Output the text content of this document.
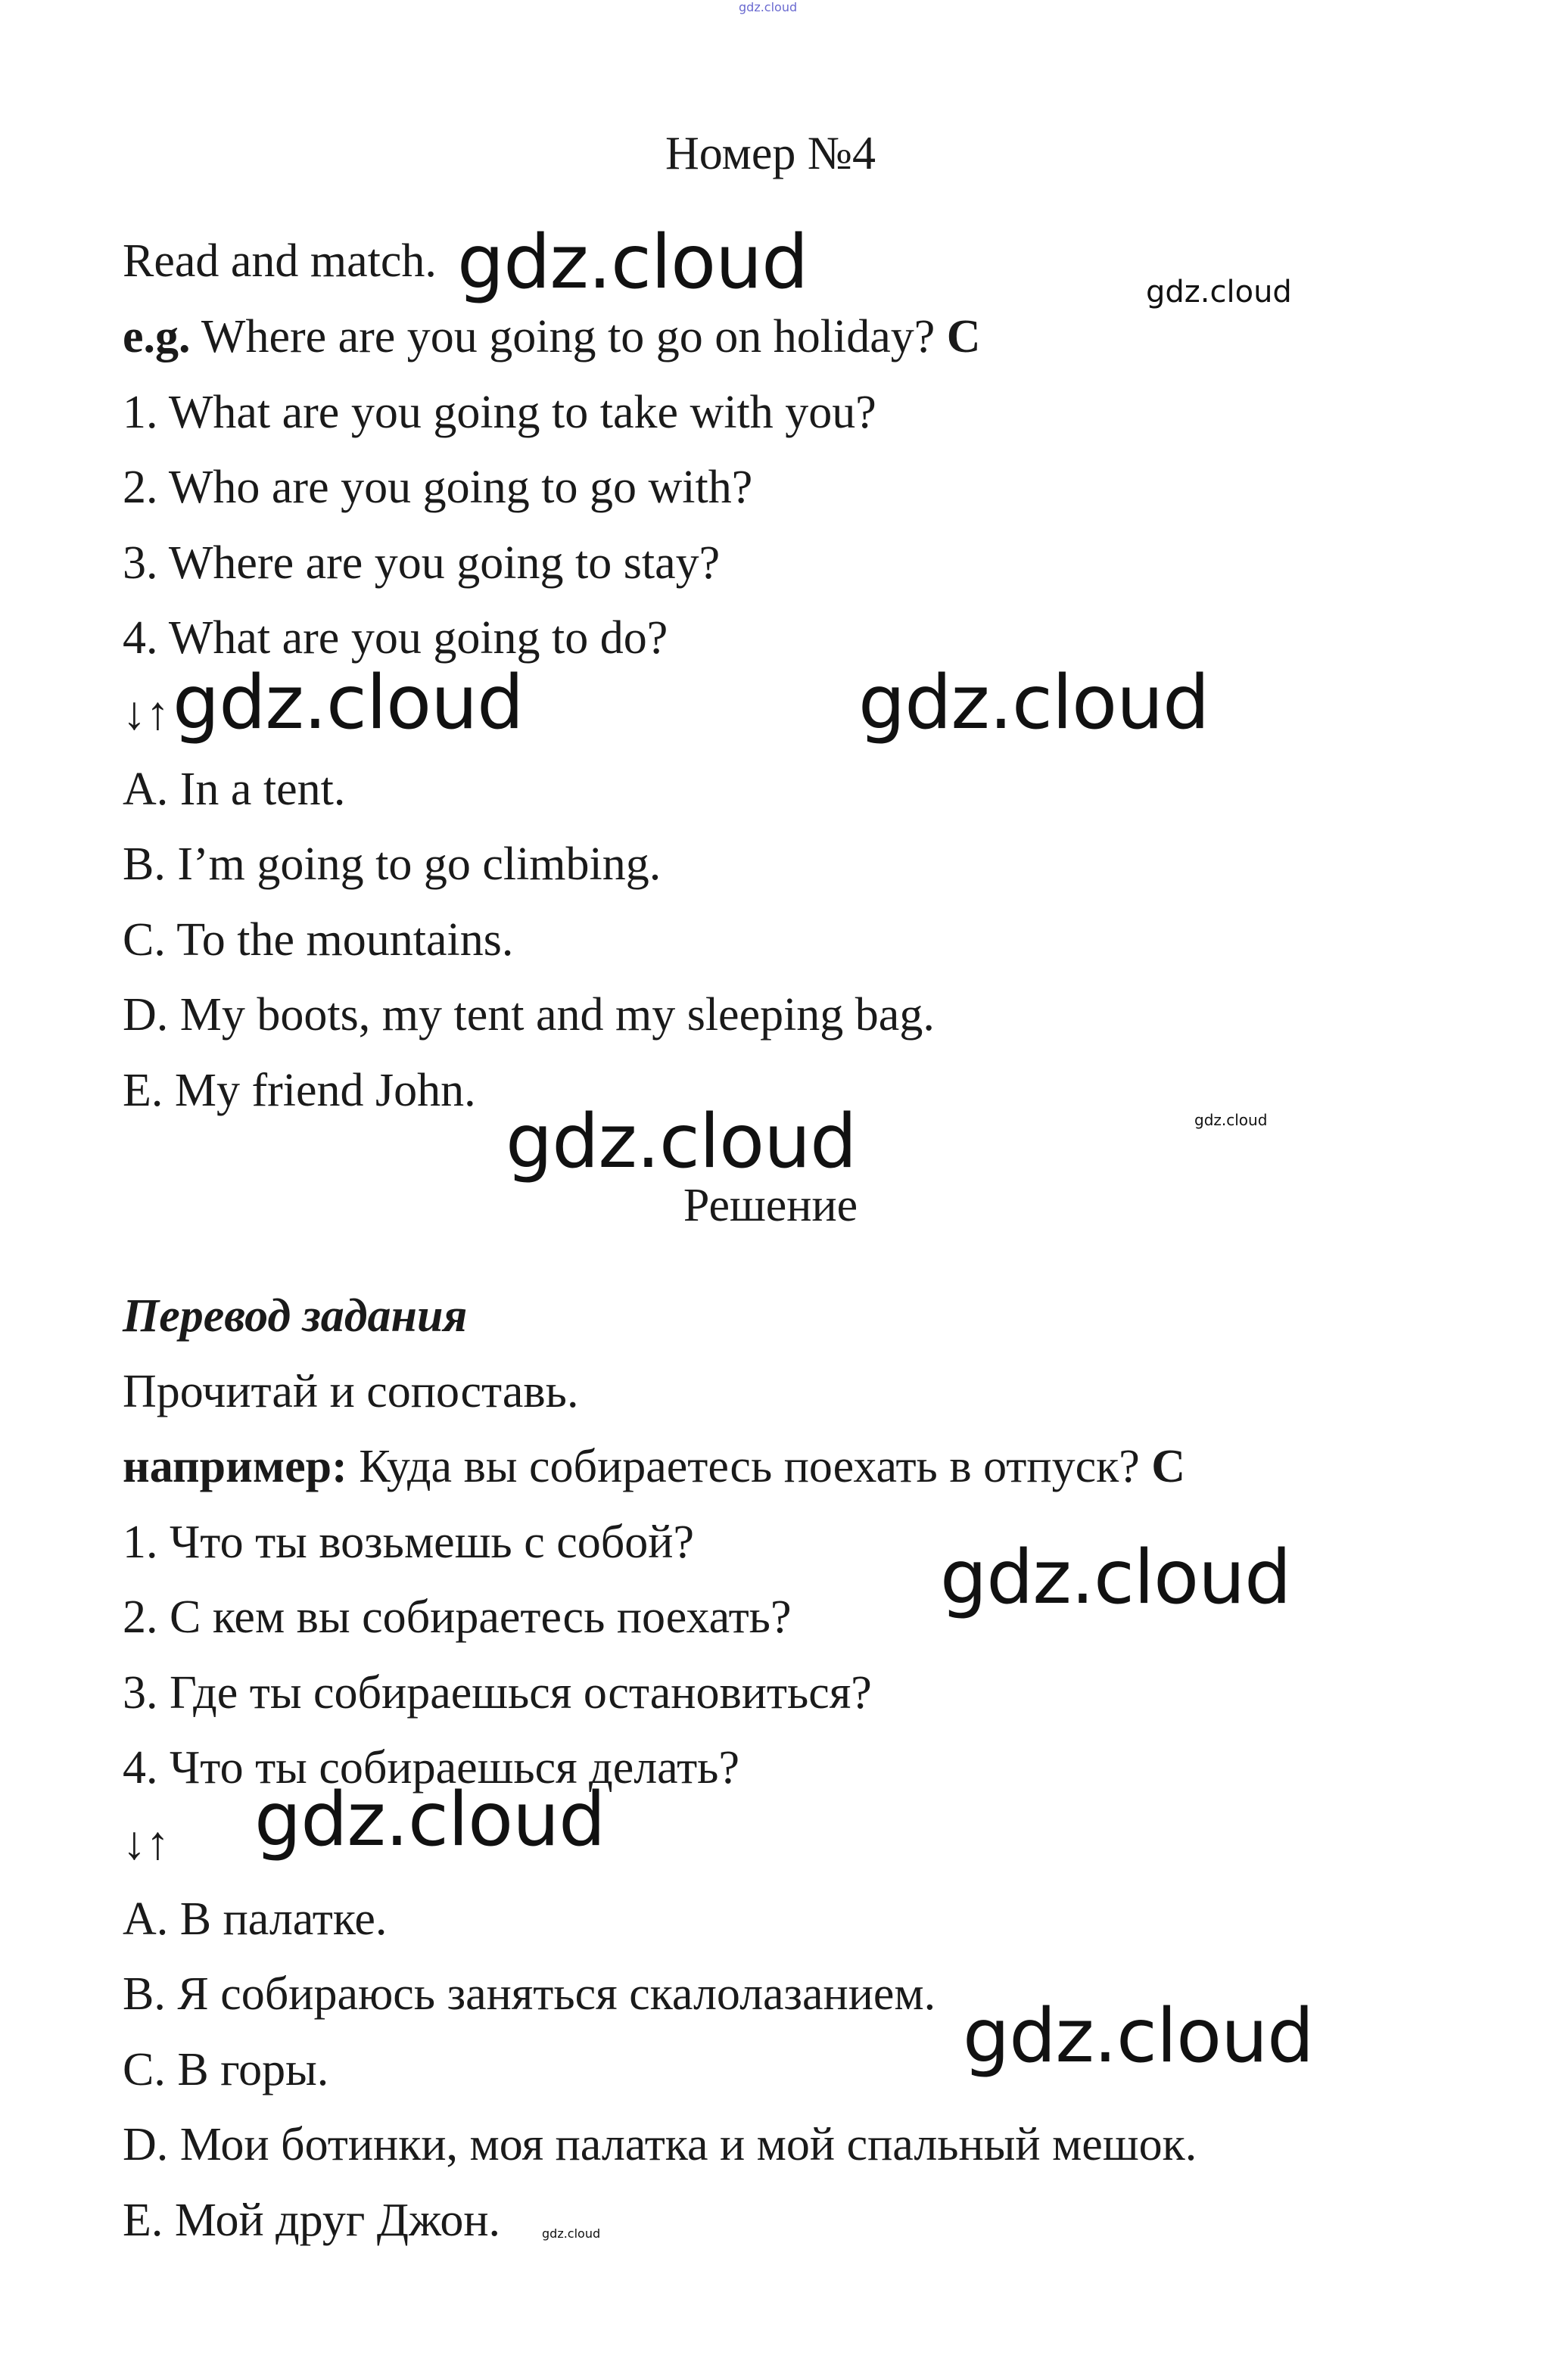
gdz.cloud
Номер №4
Read and match.
e.g. Where are you going to go on holiday? C
1. What are you going to take with you?
2. Who are you going to go with?
3. Where are you going to stay?
4. What are you going to do?
↓↑
A. In a tent.
B. I’m going to go climbing.
C. To the mountains.
D. My boots, my tent and my sleeping bag.
E. My friend John.
Решение
Перевод задания
Прочитай и сопоставь.
например: Куда вы собираетесь поехать в отпуск? C
1. Что ты возьмешь с собой?
2. С кем вы собираетесь поехать?
3. Где ты собираешься остановиться?
4. Что ты собираешься делать?
↓↑
A. В палатке.
B. Я собираюсь заняться скалолазанием.
C. В горы.
D. Мои ботинки, моя палатка и мой спальный мешок.
E. Мой друг Джон.
gdz.cloud	gdz.cloud
gdz.cloud	gdz.cloud
gdz.cloud	gdz.cloud
gdz.cloud
gdz.cloud
gdz.cloud
gdz.cloud
